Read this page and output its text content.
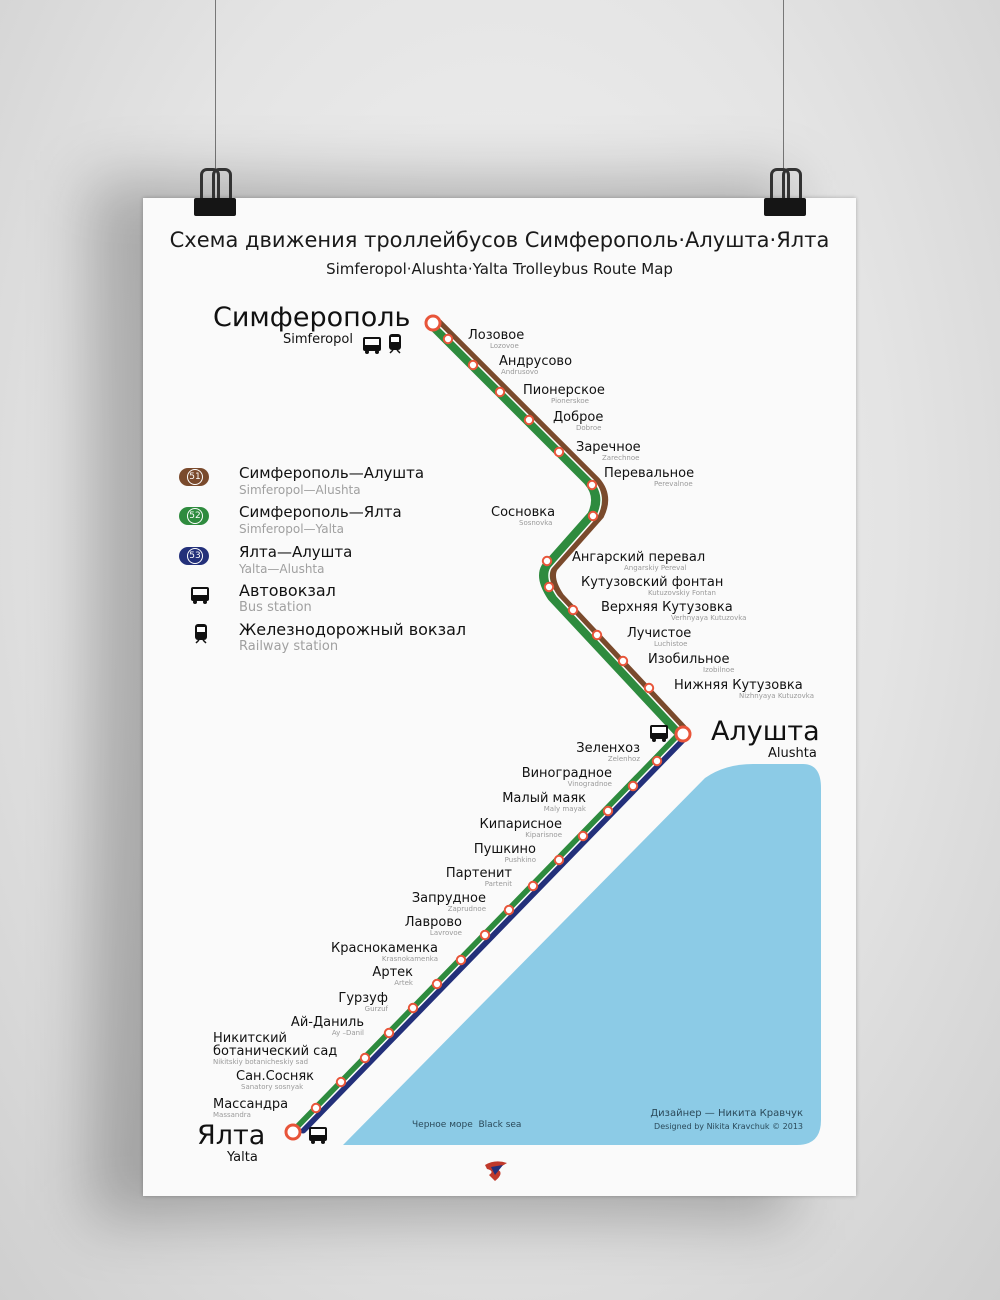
Схема движения троллейбусов Симферополь·Алушта·Ялта
Simferopol·Alushta·Yalta Trolleybus Route Map
Симферополь
Simferopol
Алушта
Alushta
Ялта
Yalta
Лозовое
Lozovoe
Андрусово
Andrusovo
Пионерское
Pionerskoe
Доброе
Dobroe
Заречное
Zarechnoe
Перевальное
Perevalnoe
Сосновка
Sosnovka
Ангарский перевал
Angarskiy Pereval
Кутузовский фонтан
Kutuzovskiy Fontan
Верхняя Кутузовка
Verhnyaya Kutuzovka
Лучистое
Luchistoe
Изобильное
Izobilnoe
Нижняя Кутузовка
Nizhnyaya Kutuzovka
Зеленхоз
Zelenhoz
Виноградное
Vinogradnoe
Малый маяк
Maly mayak
Кипарисное
Kiparisnoe
Пушкино
Pushkino
Партенит
Partenit
Запрудное
Zaprudnoe
Лаврово
Lavrovoe
Краснокаменка
Krasnokamenka
Артек
Artek
Гурзуф
Gurzuf
Ай-Даниль
Ay –Danil
Никитский
ботанический сад
Nikitskiy botanicheskiy sad
Сан.Сосняк
Sanatory sosnyak
Массандра
Massandra
51	Симферополь—Алушта
Simferopol—Alushta
52	Симферополь—Ялта
Simferopol—Yalta
53	Ялта—Алушта
Yalta—Alushta
Автовокзал
Bus station
Железнодорожный вокзал
Railway station
Черное море Black sea
Дизайнер — Никита Кравчук
Designed by Nikita Kravchuk © 2013
